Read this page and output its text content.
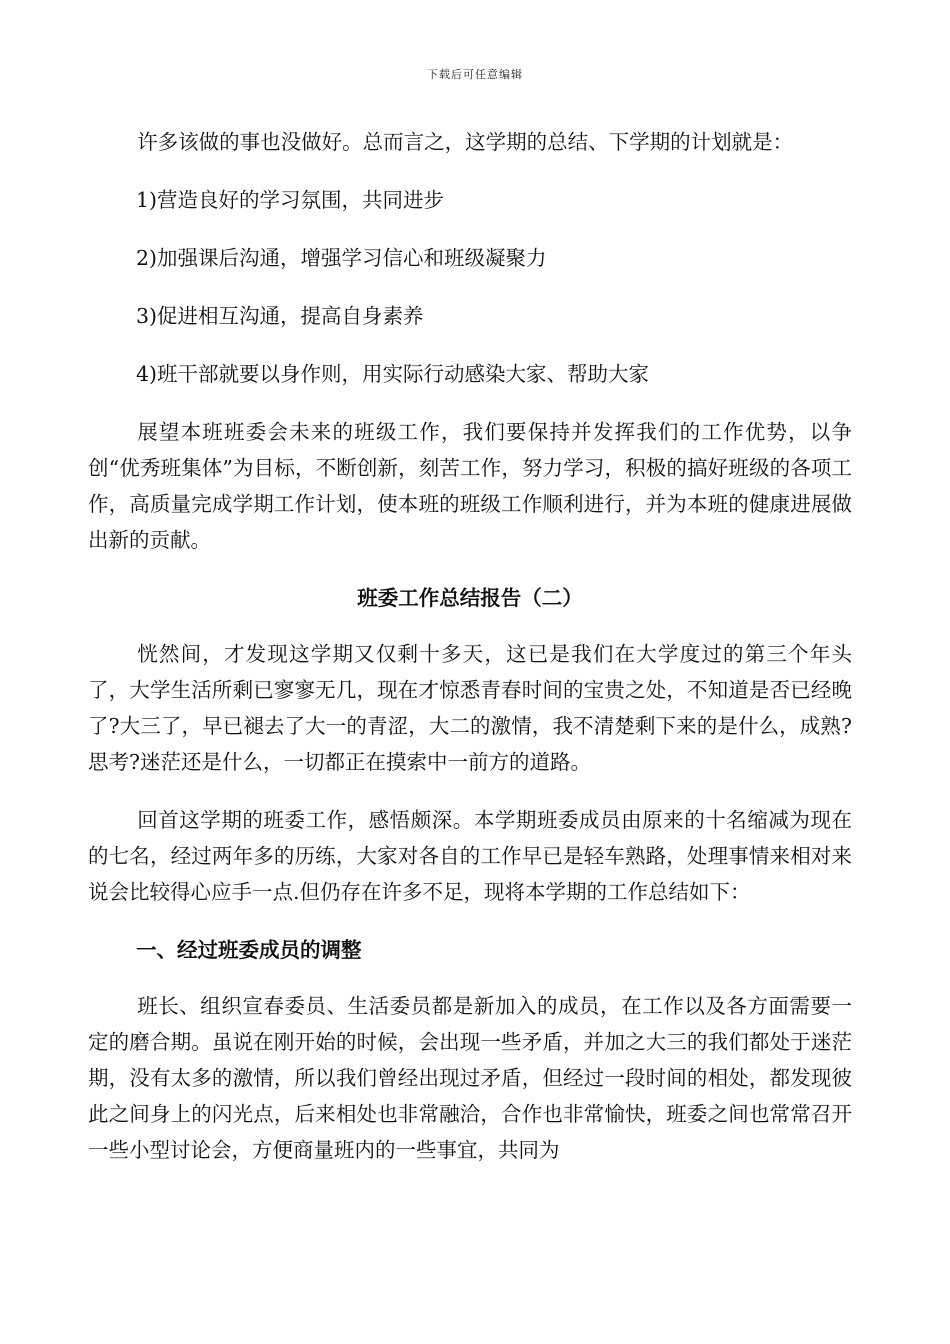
下载后可任意编辑

许多该做的事也没做好。总而言之，这学期的总结、下学期的计划就是：

1)营造良好的学习氛围，共同进步

2)加强课后沟通，增强学习信心和班级凝聚力

3)促进相互沟通，提高自身素养

4)班干部就要以身作则，用实际行动感染大家、帮助大家

展望本班班委会未来的班级工作，我们要保持并发挥我们的工作优势，以争创“优秀班集体”为目标，不断创新，刻苦工作，努力学习，积极的搞好班级的各项工作，高质量完成学期工作计划，使本班的班级工作顺利进行，并为本班的健康进展做出新的贡献。

班委工作总结报告（二）

恍然间，才发现这学期又仅剩十多天，这已是我们在大学度过的第三个年头了，大学生活所剩已寥寥无几，现在才惊悉青春时间的宝贵之处，不知道是否已经晚了?大三了，早已褪去了大一的青涩，大二的激情，我不清楚剩下来的是什么，成熟?思考?迷茫还是什么，一切都正在摸索中一前方的道路。

回首这学期的班委工作，感悟颇深。本学期班委成员由原来的十名缩减为现在的七名，经过两年多的历练，大家对各自的工作早已是轻车熟路，处理事情来相对来说会比较得心应手一点.但仍存在许多不足，现将本学期的工作总结如下：

一、经过班委成员的调整

班长、组织宣春委员、生活委员都是新加入的成员，在工作以及各方面需要一定的磨合期。虽说在刚开始的时候，会出现一些矛盾，并加之大三的我们都处于迷茫期，没有太多的激情，所以我们曾经出现过矛盾，但经过一段时间的相处，都发现彼此之间身上的闪光点，后来相处也非常融洽，合作也非常愉快，班委之间也常常召开一些小型讨论会，方便商量班内的一些事宜，共同为
